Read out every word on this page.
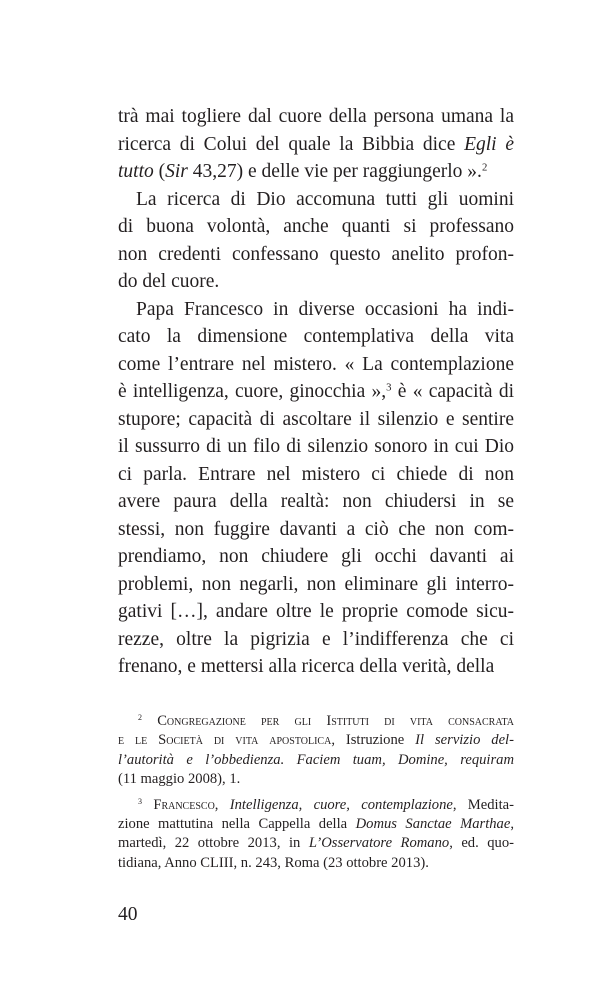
trà mai togliere dal cuore della persona umana la
ricerca di Colui del quale la Bibbia dice Egli è
tutto (Sir 43,27) e delle vie per raggiungerlo ».$^2$
La ricerca di Dio accomuna tutti gli uomini
di buona volontà, anche quanti si professano
non credenti confessano questo anelito profon-
do del cuore.
Papa Francesco in diverse occasioni ha indi-
cato la dimensione contemplativa della vita
come l’entrare nel mistero. « La contemplazione
è intelligenza, cuore, ginocchia »,$^3$ è « capacità di
stupore; capacità di ascoltare il silenzio e sentire
il sussurro di un filo di silenzio sonoro in cui Dio
ci parla. Entrare nel mistero ci chiede di non
avere paura della realtà: non chiudersi in se
stessi, non fuggire davanti a ciò che non com-
prendiamo, non chiudere gli occhi davanti ai
problemi, non negarli, non eliminare gli interro-
gativi […], andare oltre le proprie comode sicu-
rezze, oltre la pigrizia e l’indifferenza che ci
frenano, e mettersi alla ricerca della verità, della
$^2$ Congregazione per gli Istituti di vita consacrata
e le Società di vita apostolica, Istruzione Il servizio del-
l’autorità e l’obbedienza. Faciem tuam, Domine, requiram
(11 maggio 2008), 1.
$^3$ Francesco, Intelligenza, cuore, contemplazione, Medita-
zione mattutina nella Cappella della Domus Sanctae Marthae,
martedì, 22 ottobre 2013, in L’Osservatore Romano, ed. quo-
tidiana, Anno CLIII, n. 243, Roma (23 ottobre 2013).
40
